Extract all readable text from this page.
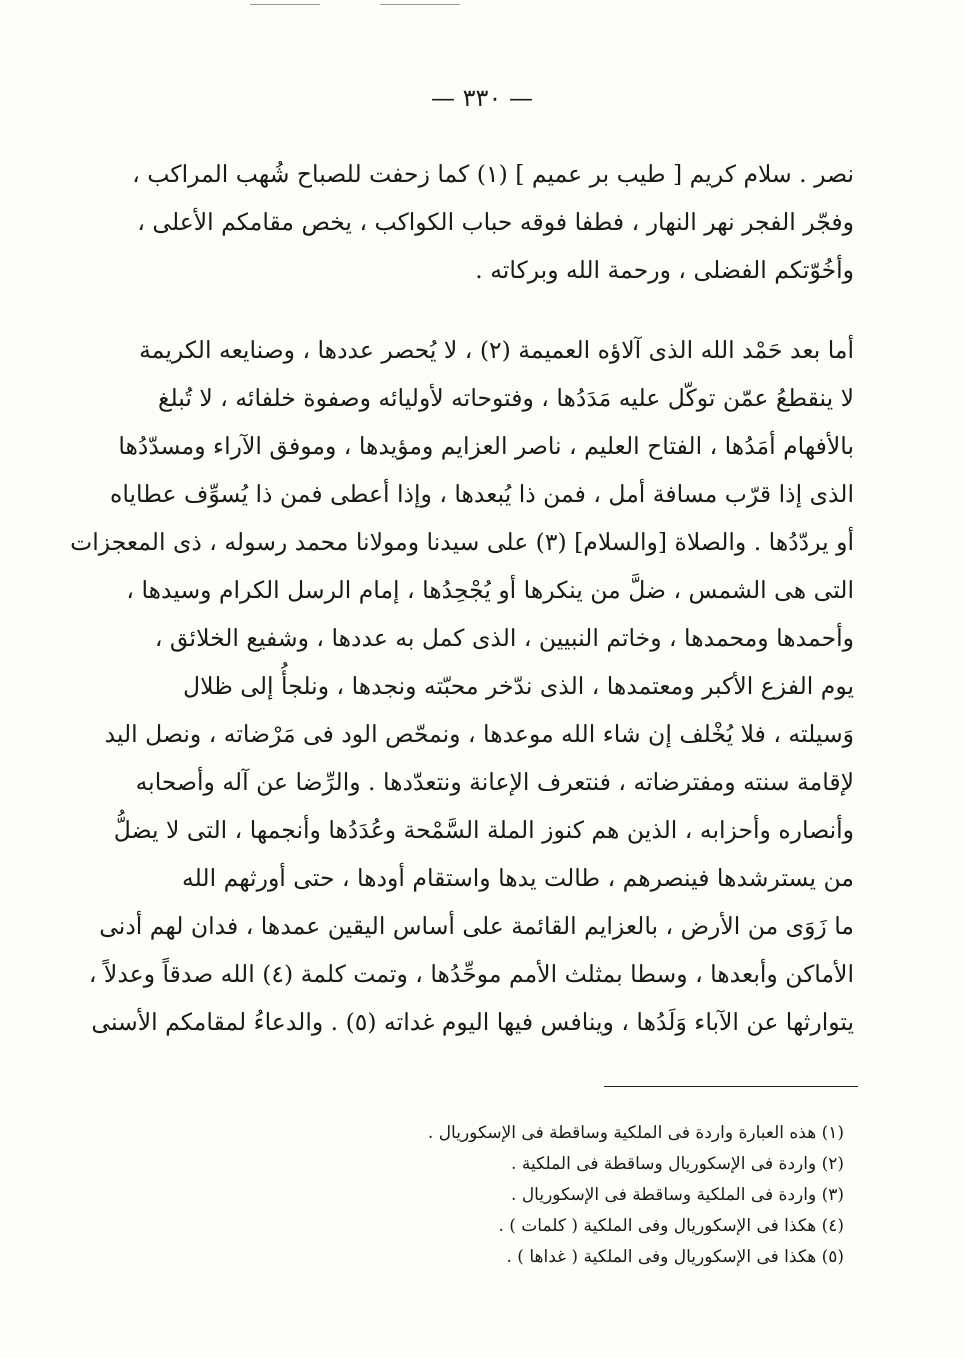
— ٣٣٠ —

نصر . سلام كريم [ طيب بر عميم ] (١) كما زحفت للصباح شُهب المراكب ،
وفجّر الفجر نهر النهار ، فطفا فوقه حباب الكواكب ، يخص مقامكم الأعلى ،
وأخُوّتكم الفضلى ، ورحمة الله وبركاته .

أما بعد حَمْد الله الذى آلاؤه العميمة (٢) ، لا يُحصر عددها ، وصنايعه الكريمة
لا ينقطعُ عمّن توكّل عليه مَدَدُها ، وفتوحاته لأوليائه وصفوة خلفائه ، لا تُبلغ
بالأفهام أمَدُها ، الفتاح العليم ، ناصر العزايم ومؤيدها ، وموفق الآراء ومسدّدُها
الذى إذا قرّب مسافة أمل ، فمن ذا يُبعدها ، وإذا أعطى فمن ذا يُسوِّف عطاياه
أو يردّدُها . والصلاة [والسلام] (٣) على سيدنا ومولانا محمد رسوله ، ذى المعجزات
التى هى الشمس ، ضلَّ من ينكرها أو يُجْحِدُها ، إمام الرسل الكرام وسيدها ،
وأحمدها ومحمدها ، وخاتم النبيين ، الذى كمل به عددها ، وشفيع الخلائق ،
يوم الفزع الأكبر ومعتمدها ، الذى ندّخر محبّته ونجدها ، ونلجأُ إلى ظلال
وَسيلته ، فلا يُخْلف إن شاء الله موعدها ، ونمحّص الود فى مَرْضاته ، ونصل اليد
لإقامة سنته ومفترضاته ، فنتعرف الإعانة ونتعدّدها . والرِّضا عن آله وأصحابه
وأنصاره وأحزابه ، الذين هم كنوز الملة السَّمْحة وعُدَدُها وأنجمها ، التى لا يضلُّ
من يسترشدها فينصرهم ، طالت يدها واستقام أودها ، حتى أورثهم الله
ما زَوَى من الأرض ، بالعزايم القائمة على أساس اليقين عمدها ، فدان لهم أدنى
الأماكن وأبعدها ، وسطا بمثلث الأمم موحِّدُها ، وتمت كلمة (٤) الله صدقاً وعدلاً ،
يتوارثها عن الآباء وَلَدُها ، وينافس فيها اليوم غداته (٥) . والدعاءُ لمقامكم الأسنى

(١) هذه العبارة واردة فى الملكية وساقطة فى الإسكوريال .
(٢) واردة فى الإسكوريال وساقطة فى الملكية .
(٣) واردة فى الملكية وساقطة فى الإسكوريال .
(٤) هكذا فى الإسكوريال وفى الملكية ( كلمات ) .
(٥) هكذا فى الإسكوريال وفى الملكية ( غداها ) .
